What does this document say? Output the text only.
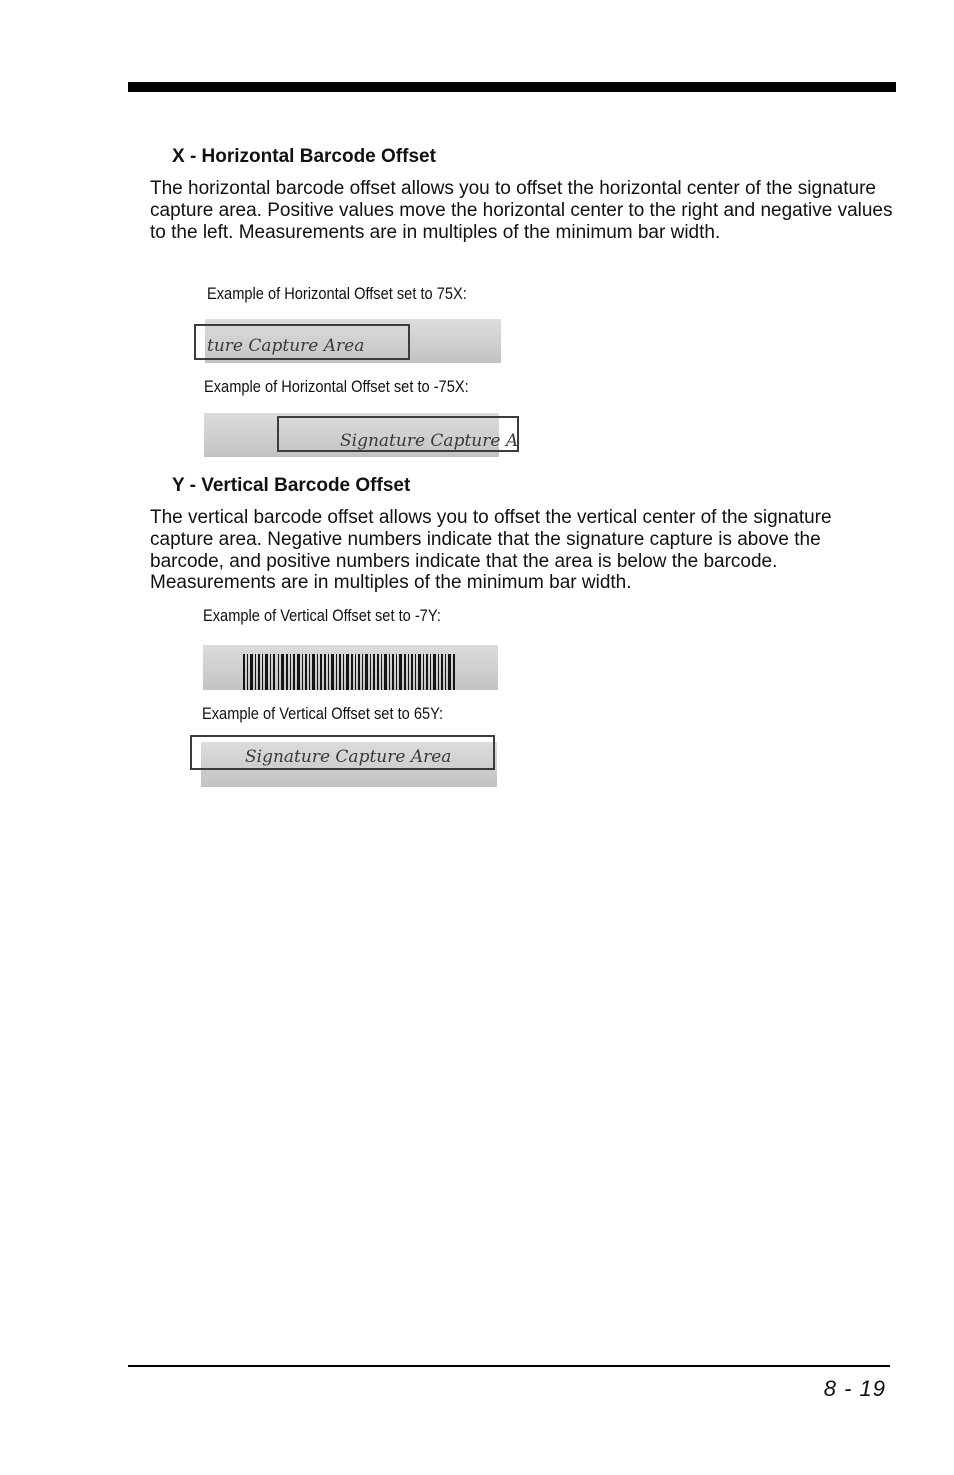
X - Horizontal Barcode Offset

The horizontal barcode offset allows you to offset the horizontal center of the signature capture area. Positive values move the horizontal center to the right and negative values to the left. Measurements are in multiples of the minimum bar width.

Example of Horizontal Offset set to 75X:
ture Capture Area
Example of Horizontal Offset set to -75X:
Signature Capture A
Y - Vertical Barcode Offset

The vertical barcode offset allows you to offset the vertical center of the signature capture area. Negative numbers indicate that the signature capture is above the barcode, and positive numbers indicate that the area is below the barcode. Measurements are in multiples of the minimum bar width.

Example of Vertical Offset set to -7Y:
Example of Vertical Offset set to 65Y:
Signature Capture Area
8 - 19
